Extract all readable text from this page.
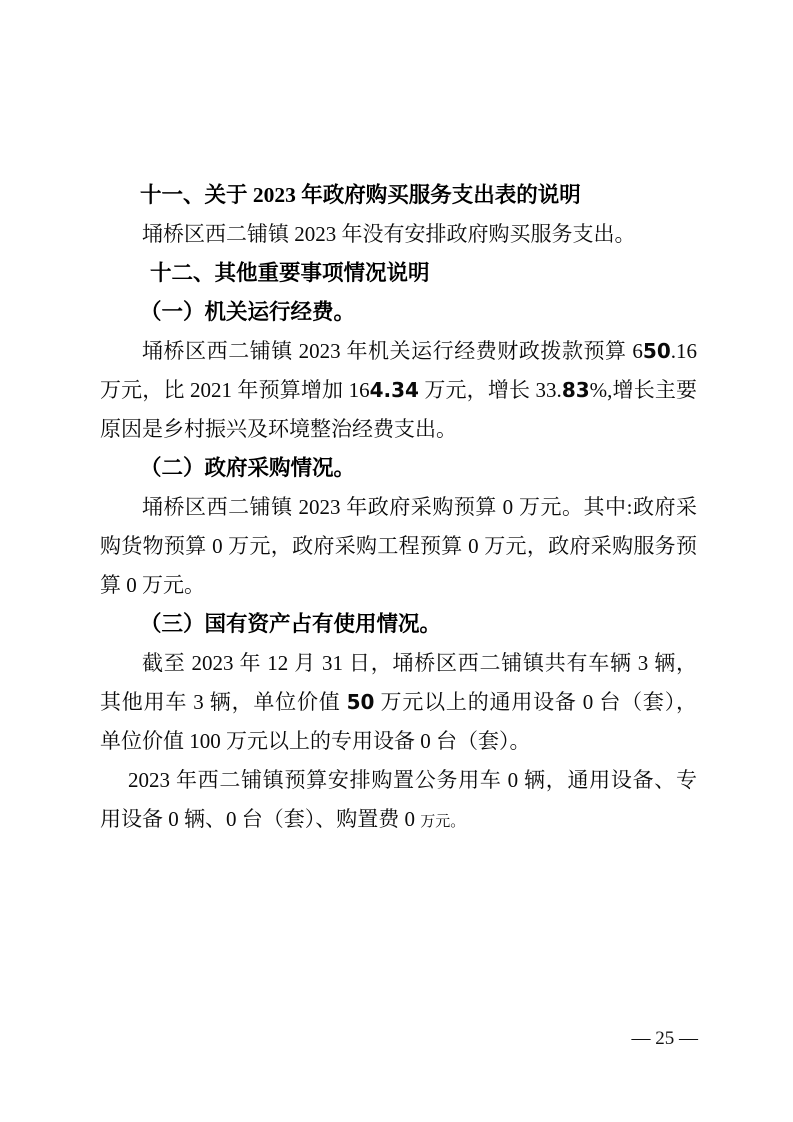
十一、关于 2023 年政府购买服务支出表的说明
埇桥区西二铺镇 2023 年没有安排政府购买服务支出。
十二、其他重要事项情况说明
（一）机关运行经费。
埇桥区西二铺镇 2023 年机关运行经费财政拨款预算 650.16
万元，比 2021 年预算增加 164.34 万元，增长 33.83%,增长主要
原因是乡村振兴及环境整治经费支出。
（二）政府采购情况。
埇桥区西二铺镇 2023 年政府采购预算 0 万元。其中:政府采
购货物预算 0 万元，政府采购工程预算 0 万元，政府采购服务预
算 0 万元。
（三）国有资产占有使用情况。
截至 2023 年 12 月 31 日，埇桥区西二铺镇共有车辆 3 辆，
其他用车 3 辆，单位价值 50 万元以上的通用设备 0 台（套），
单位价值 100 万元以上的专用设备 0 台（套）。
2023 年西二铺镇预算安排购置公务用车 0 辆，通用设备、专
用设备 0 辆、0 台（套）、购置费 0 万元。
— 25 —
